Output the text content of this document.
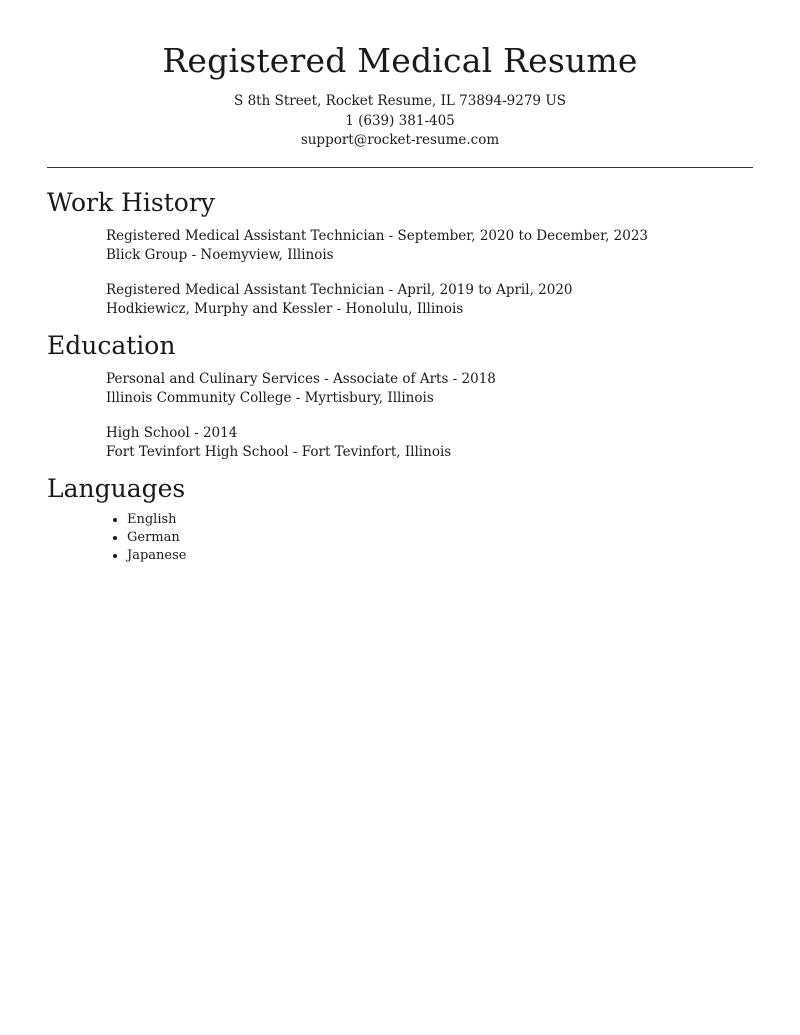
Registered Medical Resume
S 8th Street, Rocket Resume, IL 73894-9279 US
1 (639) 381-405
support@rocket-resume.com
Work History
Registered Medical Assistant Technician - September, 2020 to December, 2023
Blick Group - Noemyview, Illinois
Registered Medical Assistant Technician - April, 2019 to April, 2020
Hodkiewicz, Murphy and Kessler - Honolulu, Illinois
Education
Personal and Culinary Services - Associate of Arts - 2018
Illinois Community College - Myrtisbury, Illinois
High School - 2014
Fort Tevinfort High School - Fort Tevinfort, Illinois
Languages
• English
• German
• Japanese
